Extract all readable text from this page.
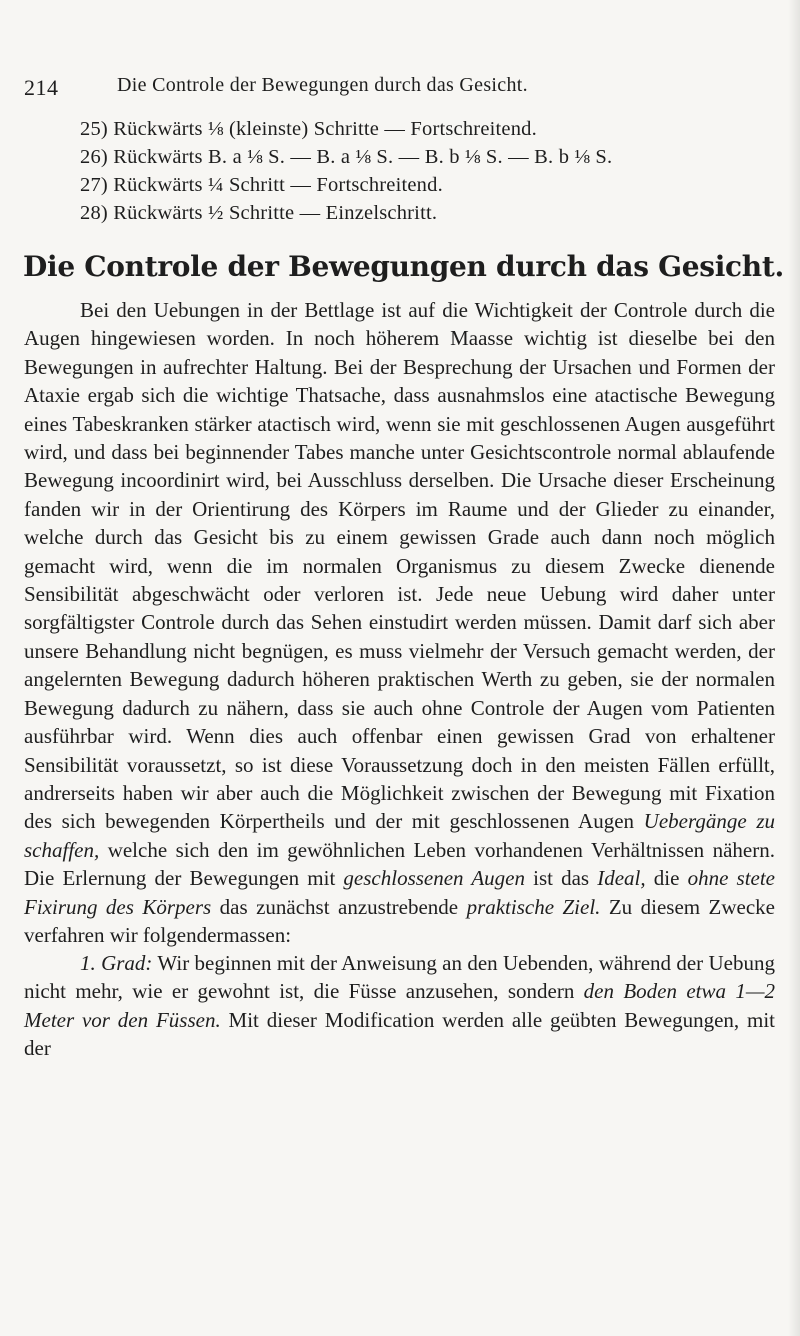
214	Die Controle der Bewegungen durch das Gesicht.
25) Rückwärts ⅛ (kleinste) Schritte — Fortschreitend.
26) Rückwärts B. a ⅛ S. — B. a ⅛ S. — B. b ⅛ S. — B. b ⅛ S.
27) Rückwärts ¼ Schritt — Fortschreitend.
28) Rückwärts ½ Schritte — Einzelschritt.
Die Controle der Bewegungen durch das Gesicht.

Bei den Uebungen in der Bettlage ist auf die Wichtigkeit der Controle durch die Augen hingewiesen worden. In noch höherem Maasse wichtig ist dieselbe bei den Bewegungen in aufrechter Haltung. Bei der Besprechung der Ursachen und Formen der Ataxie ergab sich die wichtige Thatsache, dass ausnahmslos eine atactische Bewegung eines Tabeskranken stärker atactisch wird, wenn sie mit geschlossenen Augen ausgeführt wird, und dass bei beginnender Tabes manche unter Gesichtscontrole normal ablaufende Bewegung incoordinirt wird, bei Ausschluss derselben. Die Ursache dieser Erscheinung fanden wir in der Orientirung des Körpers im Raume und der Glieder zu einander, welche durch das Gesicht bis zu einem gewissen Grade auch dann noch möglich gemacht wird, wenn die im normalen Organismus zu diesem Zwecke dienende Sensibilität abgeschwächt oder verloren ist. Jede neue Uebung wird daher unter sorgfältigster Controle durch das Sehen einstudirt werden müssen. Damit darf sich aber unsere Behandlung nicht begnügen, es muss vielmehr der Versuch gemacht werden, der angelernten Bewegung dadurch höheren praktischen Werth zu geben, sie der normalen Bewegung dadurch zu nähern, dass sie auch ohne Controle der Augen vom Patienten ausführbar wird. Wenn dies auch offenbar einen gewissen Grad von erhaltener Sensibilität voraussetzt, so ist diese Voraussetzung doch in den meisten Fällen erfüllt, andrerseits haben wir aber auch die Möglichkeit zwischen der Bewegung mit Fixation des sich bewegenden Körpertheils und der mit geschlossenen Augen Uebergänge zu schaffen, welche sich den im gewöhnlichen Leben vorhandenen Verhältnissen nähern. Die Erlernung der Bewegungen mit geschlossenen Augen ist das Ideal, die ohne stete Fixirung des Körpers das zunächst anzustrebende praktische Ziel. Zu diesem Zwecke verfahren wir folgendermassen:

1. Grad: Wir beginnen mit der Anweisung an den Uebenden, während der Uebung nicht mehr, wie er gewohnt ist, die Füsse anzusehen, sondern den Boden etwa 1—2 Meter vor den Füssen. Mit dieser Modification werden alle geübten Bewegungen, mit der
